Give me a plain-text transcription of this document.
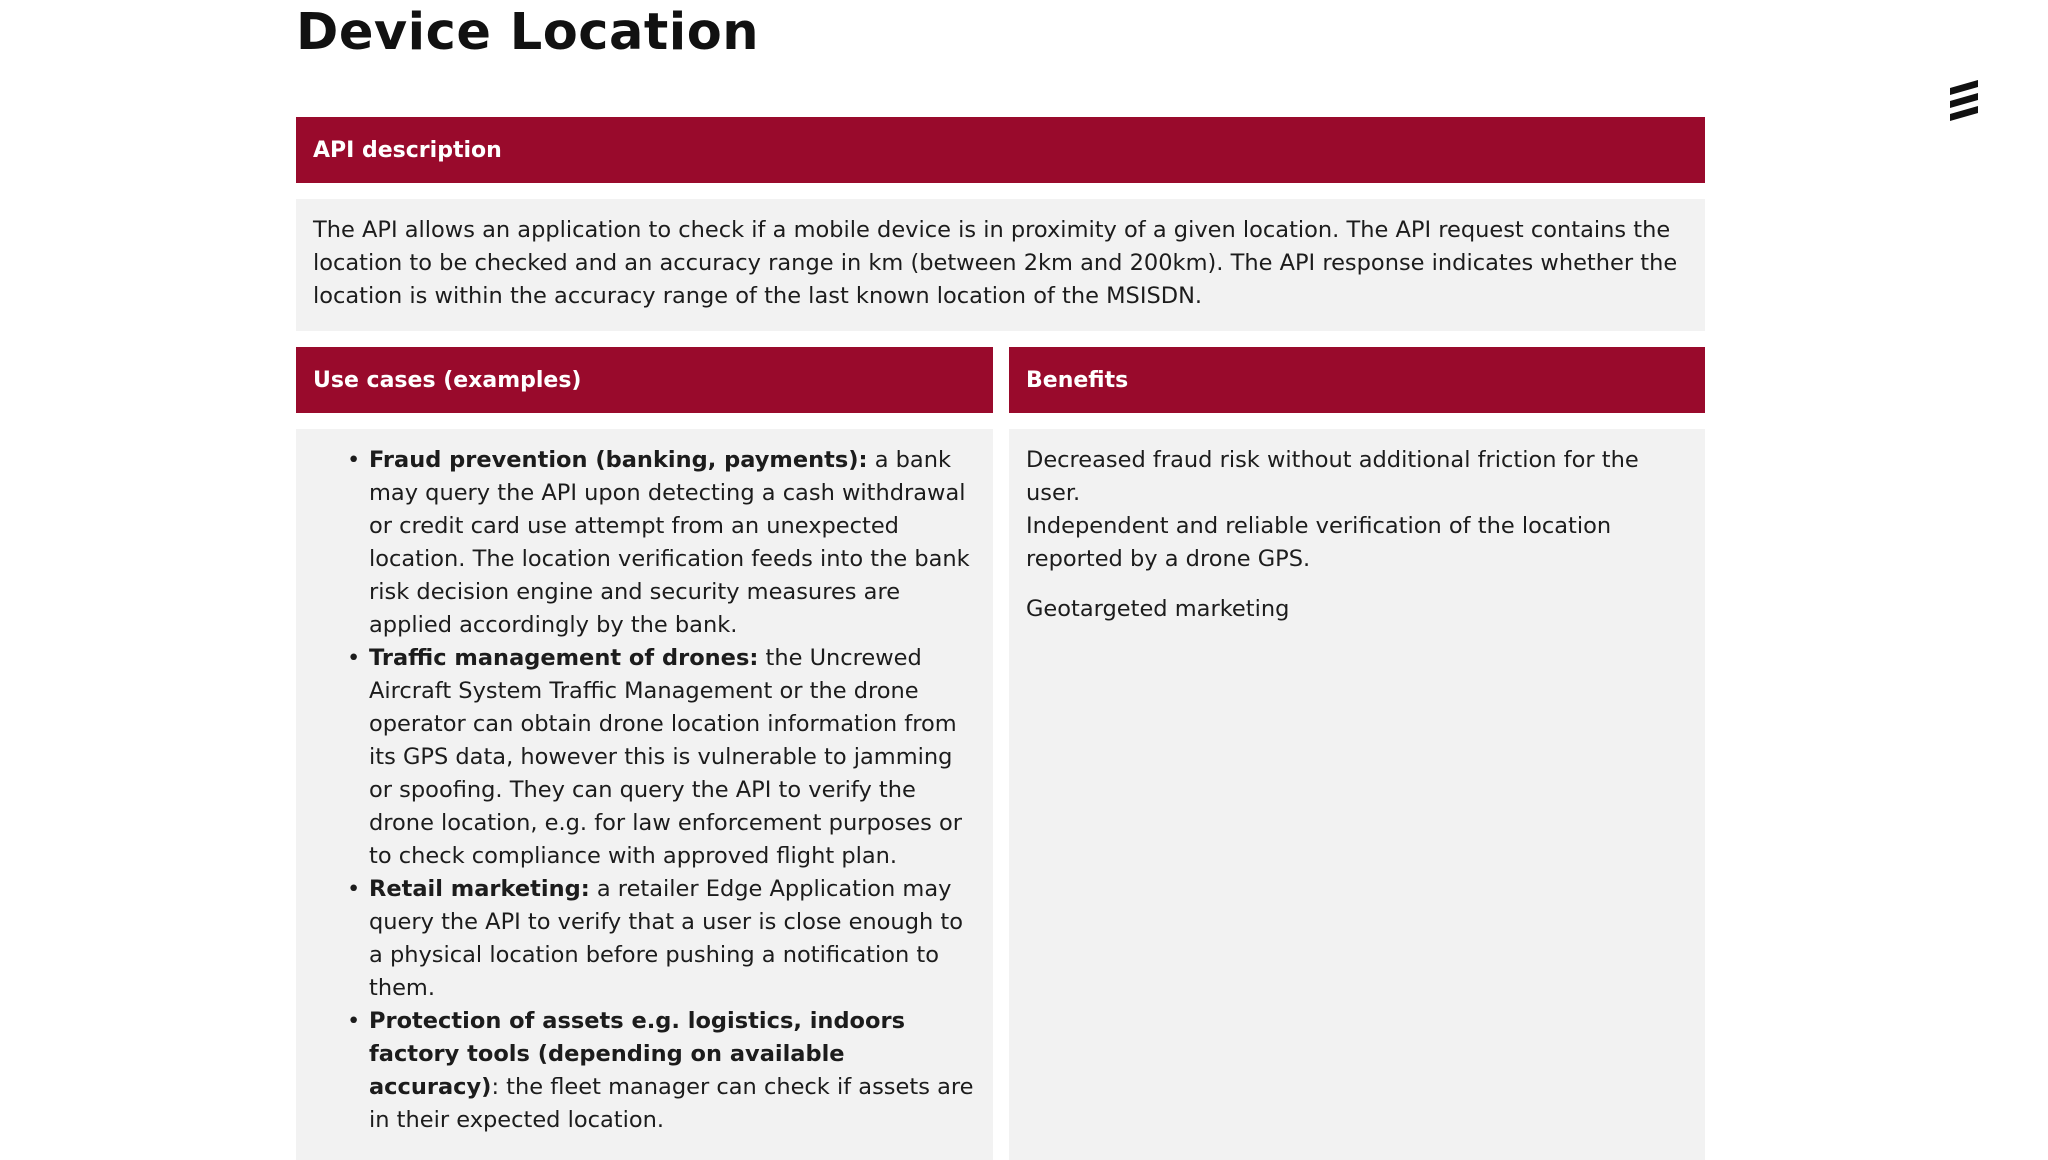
Device Location
API description
The API allows an application to check if a mobile device is in proximity of a given location. The API request contains the location to be checked and an accuracy range in km (between 2km and 200km). The API response indicates whether the location is within the accuracy range of the last known location of the MSISDN.
Use cases (examples)	Benefits
• Fraud prevention (banking, payments): a bank may query the API upon detecting a cash withdrawal or credit card use attempt from an unexpected location. The location verification feeds into the bank risk decision engine and security measures are applied accordingly by the bank.
• Traffic management of drones: the Uncrewed Aircraft System Traffic Management or the drone operator can obtain drone location information from its GPS data, however this is vulnerable to jamming or spoofing. They can query the API to verify the drone location, e.g. for law enforcement purposes or to check compliance with approved flight plan.
• Retail marketing: a retailer Edge Application may query the API to verify that a user is close enough to a physical location before pushing a notification to them.
• Protection of assets e.g. logistics, indoors factory tools (depending on available accuracy): the fleet manager can check if assets are in their expected location.

Decreased fraud risk without additional friction for the user.

Independent and reliable verification of the location reported by a drone GPS.

Geotargeted marketing
